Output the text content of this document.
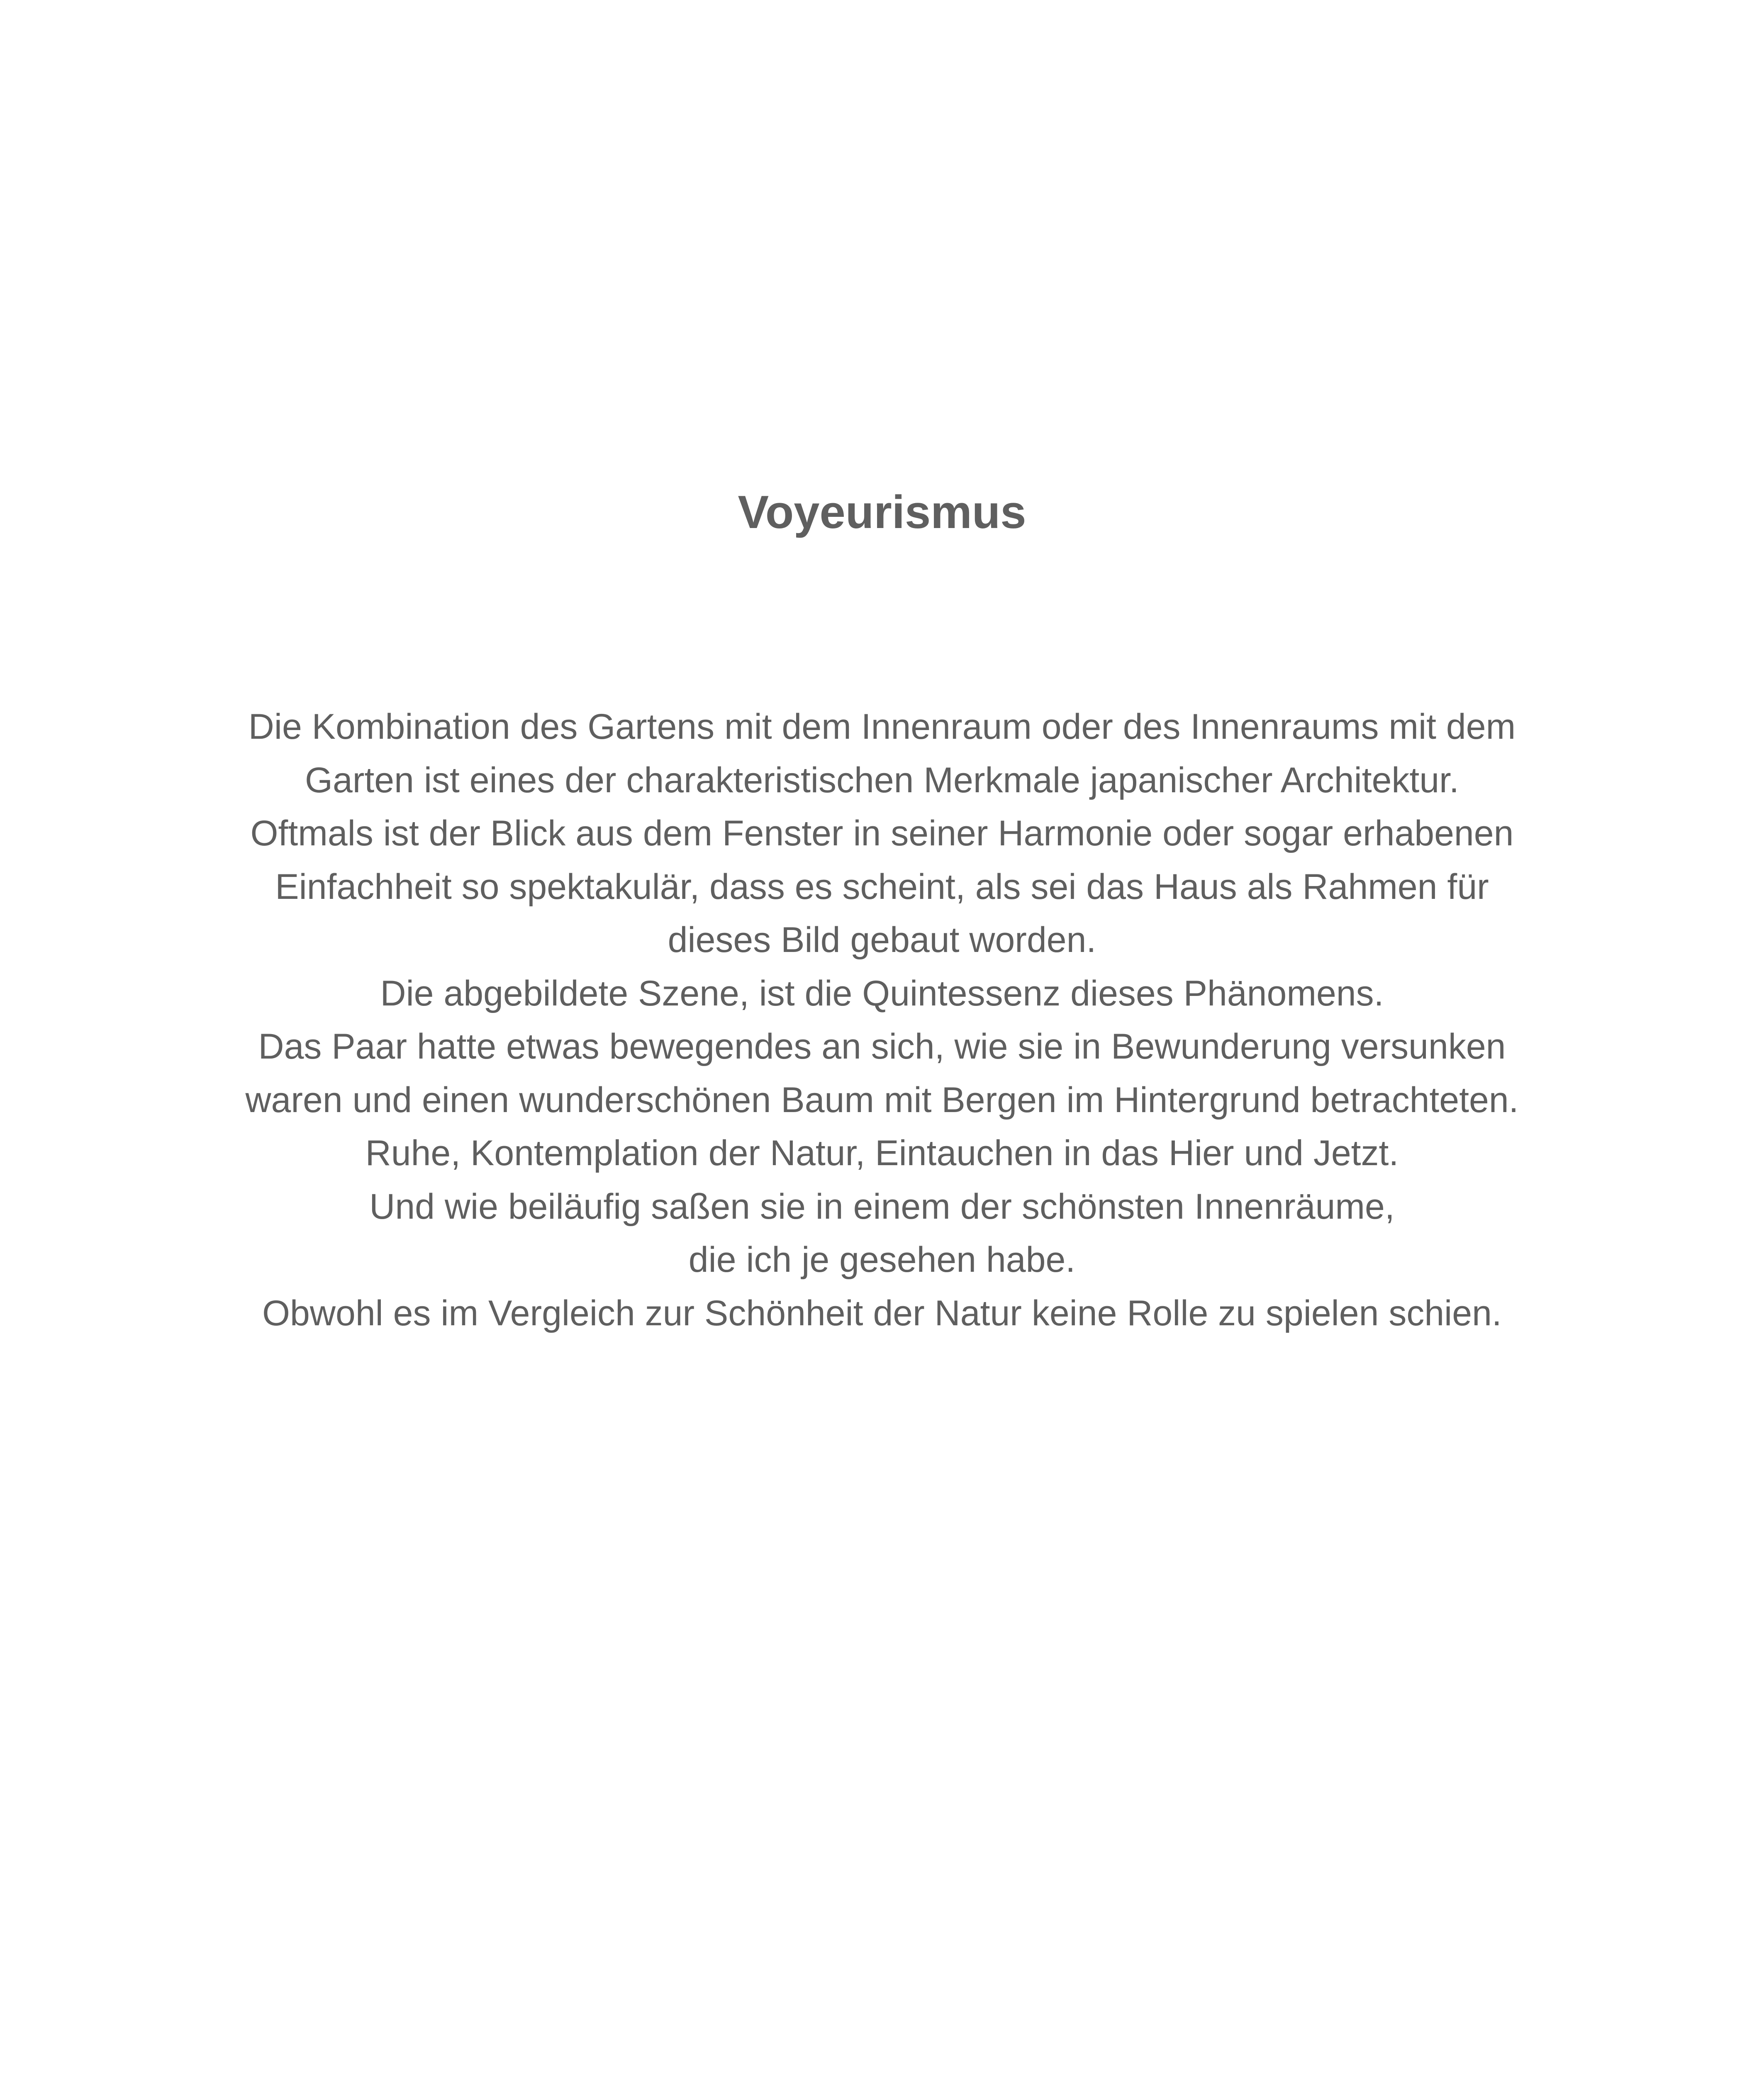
Voyeurismus

Die Kombination des Gartens mit dem Innenraum oder des Innenraums mit dem
Garten ist eines der charakteristischen Merkmale japanischer Architektur.
Oftmals ist der Blick aus dem Fenster in seiner Harmonie oder sogar erhabenen
Einfachheit so spektakulär, dass es scheint, als sei das Haus als Rahmen für
dieses Bild gebaut worden.
Die abgebildete Szene, ist die Quintessenz dieses Phänomens.
Das Paar hatte etwas bewegendes an sich, wie sie in Bewunderung versunken
waren und einen wunderschönen Baum mit Bergen im Hintergrund betrachteten.
Ruhe, Kontemplation der Natur, Eintauchen in das Hier und Jetzt.
Und wie beiläufig saßen sie in einem der schönsten Innenräume,
die ich je gesehen habe.
Obwohl es im Vergleich zur Schönheit der Natur keine Rolle zu spielen schien.
